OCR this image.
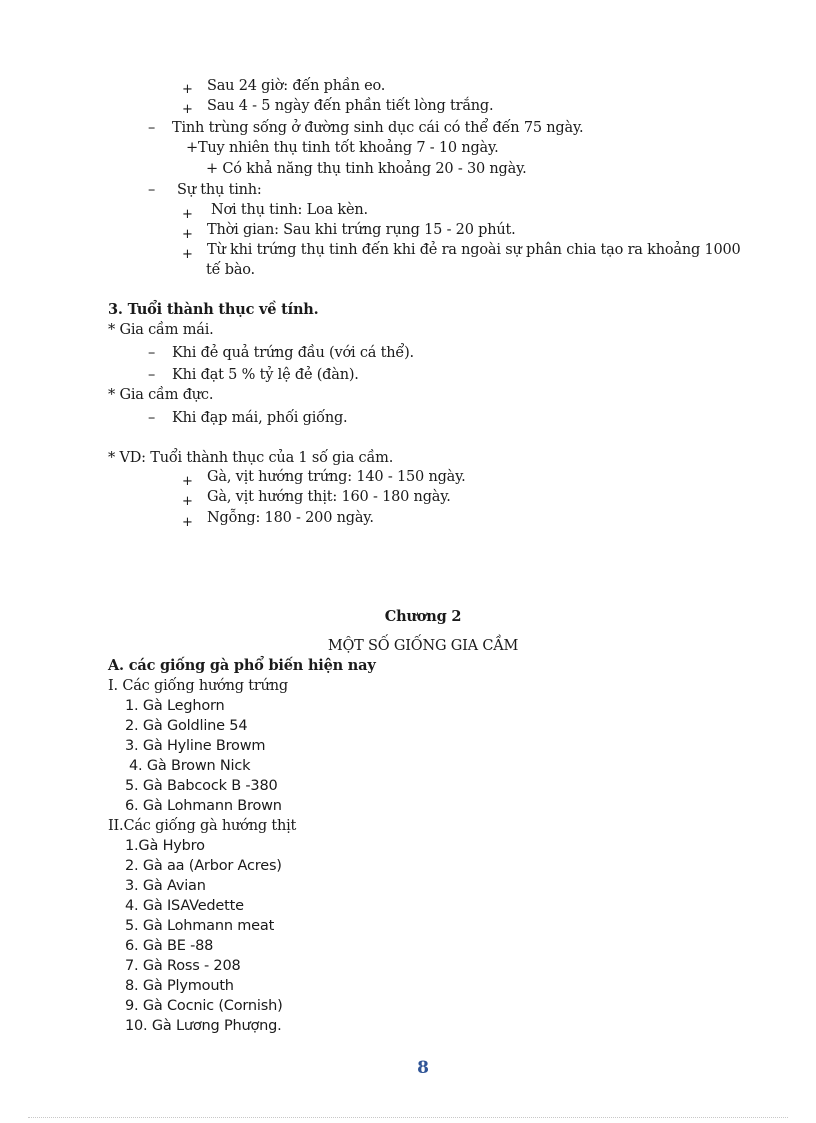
+ Sau 24 giờ: đến phần eo.
+ Sau 4 - 5 ngày đến phần tiết lòng trắng.
– Tinh trùng sống ở đường sinh dục cái có thể đến 75 ngày.
+Tuy nhiên thụ tinh tốt khoảng 7 - 10 ngày.
+ Có khả năng thụ tinh khoảng 20 - 30 ngày.
– Sự thụ tinh:
+ Nơi thụ tinh: Loa kèn.
+ Thời gian: Sau khi trứng rụng 15 - 20 phút.
+ Từ khi trứng thụ tinh đến khi đẻ ra ngoài sự phân chia tạo ra khoảng 1000
tế bào.
3. Tuổi thành thục về tính.
* Gia cầm mái.
– Khi đẻ quả trứng đầu (với cá thể).
– Khi đạt 5 % tỷ lệ đẻ (đàn).
* Gia cầm đực.
– Khi đạp mái, phối giống.
* VD: Tuổi thành thục của 1 số gia cầm.
+ Gà, vịt hướng trứng: 140 - 150 ngày.
+ Gà, vịt hướng thịt: 160 - 180 ngày.
+ Ngỗng: 180 - 200 ngày.
Chương 2
MỘT SỐ GIỐNG GIA CẦM
A. các giống gà phổ biến hiện nay
I. Các giống hướng trứng
1. Gà Leghorn
2. Gà Goldline 54
3. Gà Hyline Browm
4. Gà Brown Nick
5. Gà Babcock B -380
6. Gà Lohmann Brown
II.Các giống gà hướng thịt
1.Gà Hybro
2. Gà aa (Arbor Acres)
3. Gà Avian
4. Gà ISAVedette
5. Gà Lohmann meat
6. Gà BE -88
7. Gà Ross - 208
8. Gà Plymouth
9. Gà Cocnic (Cornish)
10. Gà Lương Phượng.
8
